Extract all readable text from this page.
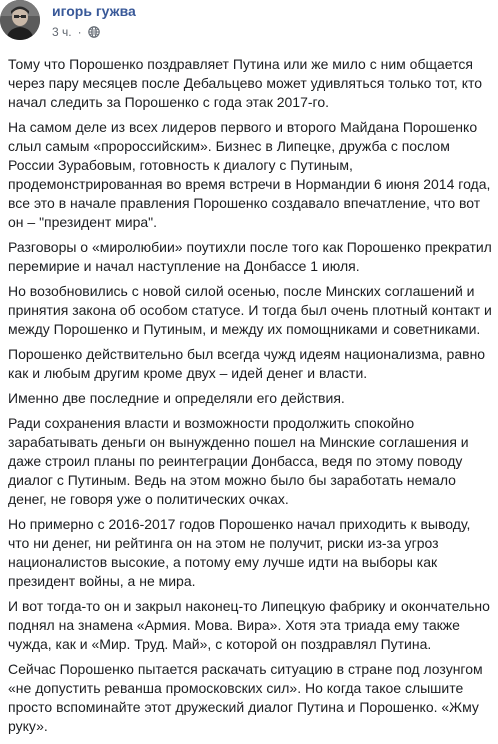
игорь гужва
3 ч. ·

Тому что Порошенко поздравляет Путина или же мило с ним общается через пару месяцев после Дебальцево может удивляться только тот, кто начал следить за Порошенко с года этак 2017-го.

На самом деле из всех лидеров первого и второго Майдана Порошенко слыл самым «пророссийским». Бизнес в Липецке, дружба с послом России Зурабовым, готовность к диалогу с Путиным, продемонстрированная во время встречи в Нормандии 6 июня 2014 года, все это в начале правления Порошенко создавало впечатление, что вот он – "президент мира".

Разговоры о «миролюбии» поутихли после того как Порошенко прекратил перемирие и начал наступление на Донбассе 1 июля.

Но возобновились с новой силой осенью, после Минских соглашений и принятия закона об особом статусе. И тогда был очень плотный контакт и между Порошенко и Путиным, и между их помощниками и советниками.

Порошенко действительно был всегда чужд идеям национализма, равно как и любым другим кроме двух – идей денег и власти.

Именно две последние и определяли его действия.

Ради сохранения власти и возможности продолжить спокойно зарабатывать деньги он вынужденно пошел на Минские соглашения и даже строил планы по реинтеграции Донбасса, ведя по этому поводу диалог с Путиным. Ведь на этом можно было бы заработать немало денег, не говоря уже о политических очках.

Но примерно с 2016-2017 годов Порошенко начал приходить к выводу, что ни денег, ни рейтинга он на этом не получит, риски из-за угроз националистов высокие, а потому ему лучше идти на выборы как президент войны, а не мира.

И вот тогда-то он и закрыл наконец-то Липецкую фабрику и окончательно поднял на знамена «Армия. Мова. Вира». Хотя эта триада ему также чужда, как и «Мир. Труд. Май», с которой он поздравлял Путина.

Сейчас Порошенко пытается раскачать ситуацию в стране под лозунгом «не допустить реванша промосковских сил». Но когда такое слышите просто вспоминайте этот дружеский диалог Путина и Порошенко. «Жму руку».
